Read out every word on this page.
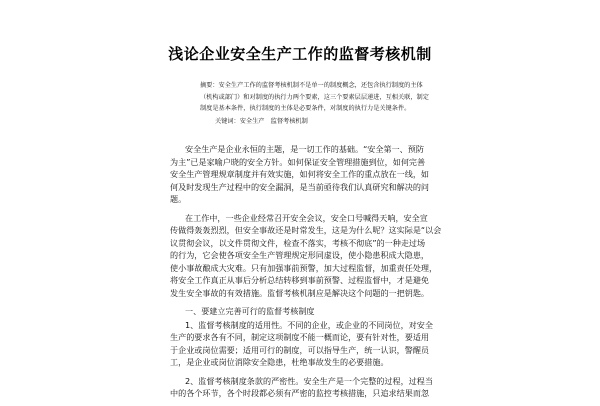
浅论企业安全生产工作的监督考核机制
摘要：安全生产工作的监督考核机制不是单一的制度概念，还包含执行制度的主体
（机构或部门）和对制度的执行力两个要素，这三个要素层层递进，互相关联，制定
制度是基本条件，执行制度的主体是必要条件，对制度的执行力是关键条件。
关键词：安全生产　监督考核机制
安全生产是企业永恒的主题，是一切工作的基础。“安全第一、预防
为主”已是家喻户晓的安全方针。如何保证安全管理措施到位，如何完善
安全生产管理规章制度并有效实施，如何将安全工作的重点放在一线，如
何及时发现生产过程中的安全漏洞，是当前亟待我们认真研究和解决的问
题。
在工作中，一些企业经常召开安全会议，安全口号喊得天响，安全宣
传做得轰轰烈烈，但安全事故还是时常发生，这是为什么呢？这实际是“以会
议贯彻会议，以文件贯彻文件，检查不落实，考核不彻底”的一种走过场
的行为，它会使各项安全生产管理规定形同虚设，使小隐患积成大隐患，
使小事故酿成大灾难。只有加强事前预警，加大过程监督，加重责任处理，
将安全工作真正从事后分析总结转移到事前预警、过程监督中，才是避免
发生安全事故的有效措施。监督考核机制应是解决这个问题的一把钥匙。
一、要建立完善可行的监督考核制度
1、监督考核制度的适用性。不同的企业，或企业的不同岗位，对安全
生产的要求各有不同，制定这项制度不能一概而论，要有针对性，要适用
于企业或岗位需要；适用可行的制度，可以指导生产，统一认识，警醒员
工，是企业或岗位消除安全隐患，杜绝事故发生的必要措施。
2、监督考核制度条款的严密性。安全生产是一个完整的过程，过程当
中的各个环节，各个时段都必须有严密的监控考核措施，只追求结果而忽
